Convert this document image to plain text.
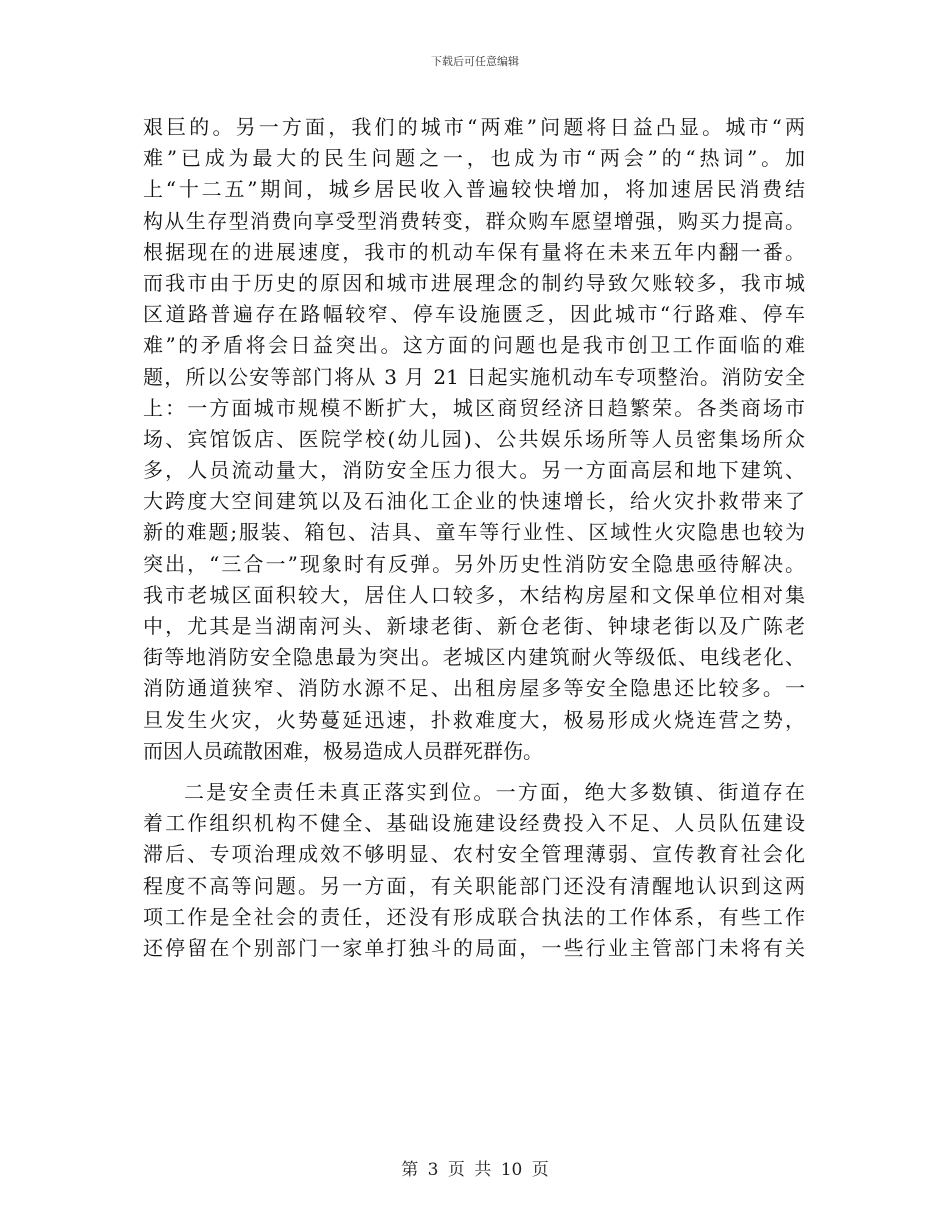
下载后可任意编辑
艰巨的。另一方面，我们的城市“两难”问题将日益凸显。城市“两
难”已成为最大的民生问题之一，也成为市“两会”的“热词”。加
上“十二五”期间，城乡居民收入普遍较快增加，将加速居民消费结
构从生存型消费向享受型消费转变，群众购车愿望增强，购买力提高。
根据现在的进展速度，我市的机动车保有量将在未来五年内翻一番。
而我市由于历史的原因和城市进展理念的制约导致欠账较多，我市城
区道路普遍存在路幅较窄、停车设施匮乏，因此城市“行路难、停车
难”的矛盾将会日益突出。这方面的问题也是我市创卫工作面临的难
题，所以公安等部门将从 3 月 21 日起实施机动车专项整治。消防安全
上：一方面城市规模不断扩大，城区商贸经济日趋繁荣。各类商场市
场、宾馆饭店、医院学校(幼儿园)、公共娱乐场所等人员密集场所众
多，人员流动量大，消防安全压力很大。另一方面高层和地下建筑、
大跨度大空间建筑以及石油化工企业的快速增长，给火灾扑救带来了
新的难题;服装、箱包、洁具、童车等行业性、区域性火灾隐患也较为
突出，“三合一”现象时有反弹。另外历史性消防安全隐患亟待解决。
我市老城区面积较大，居住人口较多，木结构房屋和文保单位相对集
中，尤其是当湖南河头、新埭老街、新仓老街、钟埭老街以及广陈老
街等地消防安全隐患最为突出。老城区内建筑耐火等级低、电线老化、
消防通道狭窄、消防水源不足、出租房屋多等安全隐患还比较多。一
旦发生火灾，火势蔓延迅速，扑救难度大，极易形成火烧连营之势，
而因人员疏散困难，极易造成人员群死群伤。
二是安全责任未真正落实到位。一方面，绝大多数镇、街道存在
着工作组织机构不健全、基础设施建设经费投入不足、人员队伍建设
滞后、专项治理成效不够明显、农村安全管理薄弱、宣传教育社会化
程度不高等问题。另一方面，有关职能部门还没有清醒地认识到这两
项工作是全社会的责任，还没有形成联合执法的工作体系，有些工作
还停留在个别部门一家单打独斗的局面，一些行业主管部门未将有关
第 3 页 共 10 页
